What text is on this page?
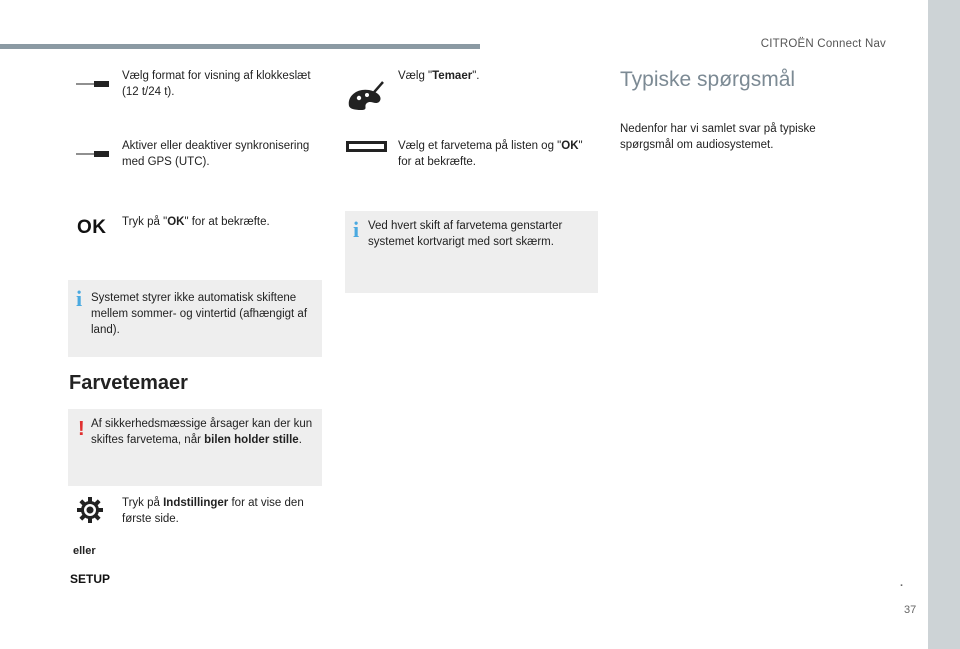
CITROËN Connect Nav
Vælg format for visning af klokkeslæt (12 t/24 t).
Aktiver eller deaktiver synkronisering med GPS (UTC).
OK Tryk på "OK" for at bekræfte.
i Systemet styrer ikke automatisk skiftene mellem sommer- og vintertid (afhængigt af land).
Farvetemaer
! Af sikkerhedsmæssige årsager kan der kun skiftes farvetema, når bilen holder stille.
Tryk på Indstillinger for at vise den første side.
eller
SETUP
Vælg "Temaer".
Vælg et farvetema på listen og "OK" for at bekræfte.
i Ved hvert skift af farvetema genstarter systemet kortvarigt med sort skærm.
Typiske spørgsmål
Nedenfor har vi samlet svar på typiske spørgsmål om audiosystemet.
.
37
